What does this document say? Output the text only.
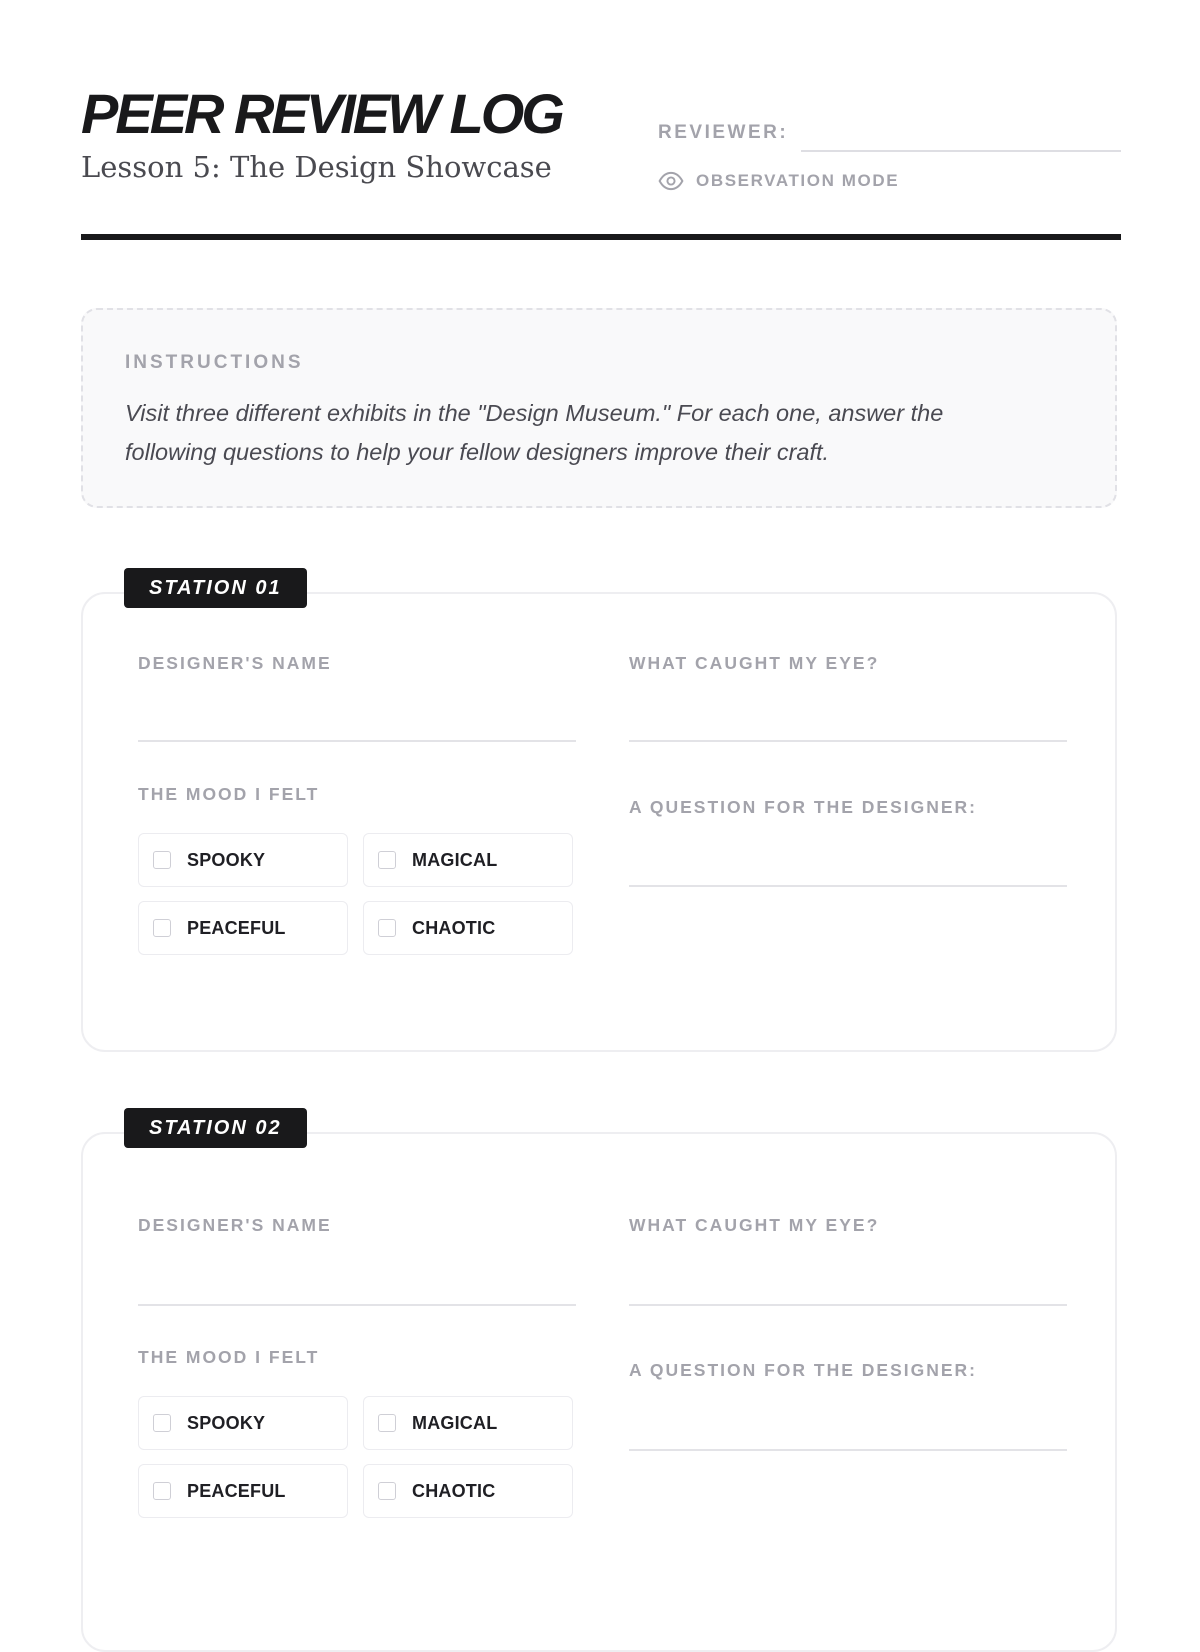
PEER REVIEW LOG
Lesson 5: The Design Showcase
REVIEWER:
OBSERVATION MODE
INSTRUCTIONS
Visit three different exhibits in the "Design Museum." For each one, answer the
following questions to help your fellow designers improve their craft.
STATION 01
DESIGNER'S NAME	WHAT CAUGHT MY EYE?
THE MOOD I FELT
SPOOKY	MAGICAL
PEACEFUL	CHAOTIC
A QUESTION FOR THE DESIGNER:
STATION 02
DESIGNER'S NAME	WHAT CAUGHT MY EYE?
THE MOOD I FELT
SPOOKY	MAGICAL
PEACEFUL	CHAOTIC
A QUESTION FOR THE DESIGNER:
